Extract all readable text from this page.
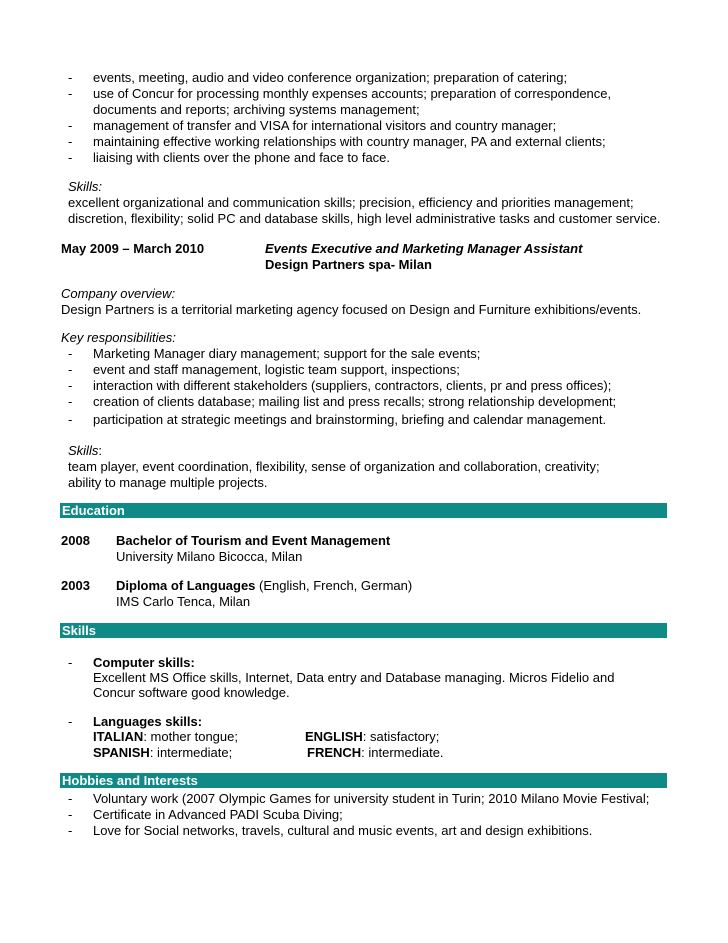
- events, meeting, audio and video conference organization; preparation of catering;
- use of Concur for processing monthly expenses accounts; preparation of correspondence,
documents and reports; archiving systems management;
- management of transfer and VISA for international visitors and country manager;
- maintaining effective working relationships with country manager, PA and external clients;
- liaising with clients over the phone and face to face.
Skills:
excellent organizational and communication skills; precision, efficiency and priorities management;
discretion, flexibility; solid PC and database skills, high level administrative tasks and customer service.
May 2009 – March 2010	Events Executive and Marketing Manager Assistant
Design Partners spa- Milan
Company overview:
Design Partners is a territorial marketing agency focused on Design and Furniture exhibitions/events.
Key responsibilities:
- Marketing Manager diary management; support for the sale events;
- event and staff management, logistic team support, inspections;
- interaction with different stakeholders (suppliers, contractors, clients, pr and press offices);
- creation of clients database; mailing list and press recalls; strong relationship development;
- participation at strategic meetings and brainstorming, briefing and calendar management.
Skills:
team player, event coordination, flexibility, sense of organization and collaboration, creativity;
ability to manage multiple projects.
Education
2008 Bachelor of Tourism and Event Management
University Milano Bicocca, Milan
2003 Diploma of Languages (English, French, German)
IMS Carlo Tenca, Milan
Skills
- Computer skills:
Excellent MS Office skills, Internet, Data entry and Database managing. Micros Fidelio and
Concur software good knowledge.
- Languages skills:
ITALIAN: mother tongue;	ENGLISH: satisfactory;
SPANISH: intermediate;	FRENCH: intermediate.
Hobbies and Interests
- Voluntary work (2007 Olympic Games for university student in Turin; 2010 Milano Movie Festival;
- Certificate in Advanced PADI Scuba Diving;
- Love for Social networks, travels, cultural and music events, art and design exhibitions.
